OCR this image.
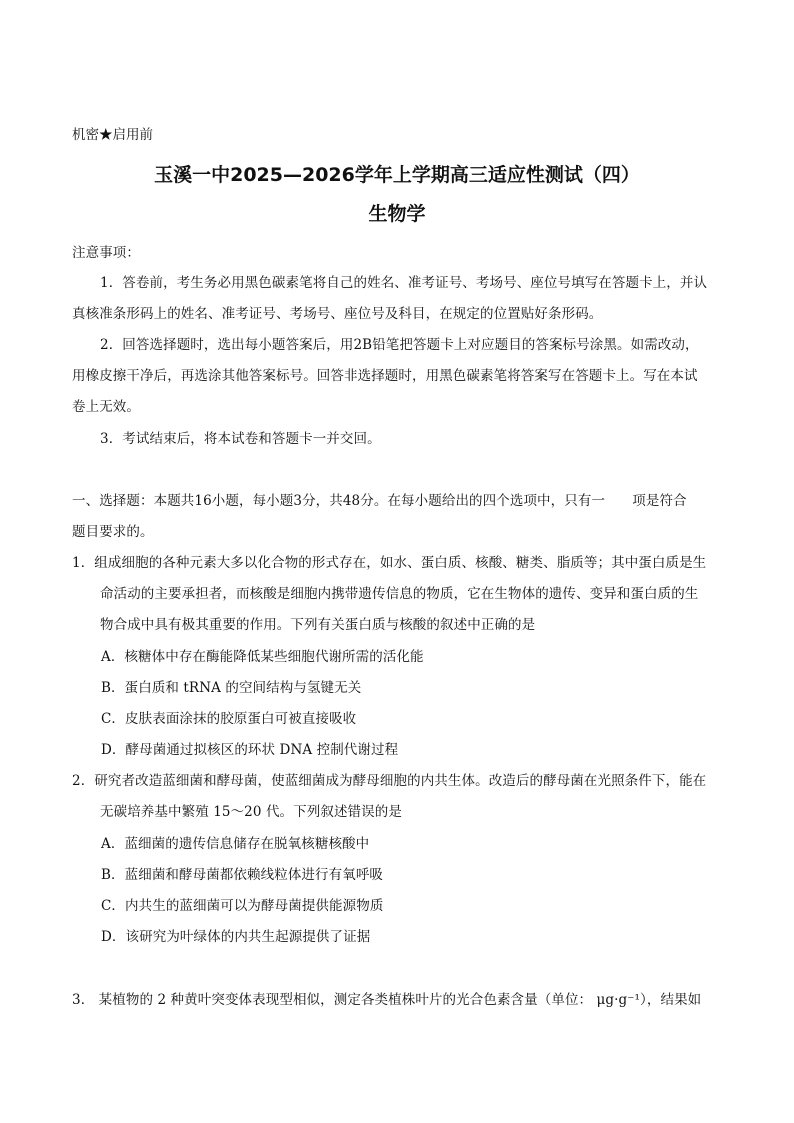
机密★启用前
玉溪一中2025—2026学年上学期高三适应性测试（四）
生物学
注意事项：
1．答卷前，考生务必用黑色碳素笔将自己的姓名、准考证号、考场号、座位号填写在答题卡上，并认
真核准条形码上的姓名、准考证号、考场号、座位号及科目，在规定的位置贴好条形码。
2．回答选择题时，选出每小题答案后，用2B铅笔把答题卡上对应题目的答案标号涂黑。如需改动，
用橡皮擦干净后，再选涂其他答案标号。回答非选择题时，用黑色碳素笔将答案写在答题卡上。写在本试
卷上无效。
3．考试结束后，将本试卷和答题卡一并交回。
一、选择题：本题共16小题，每小题3分，共48分。在每小题给出的四个选项中，只有一　　项是符合
题目要求的。
1．组成细胞的各种元素大多以化合物的形式存在，如水、蛋白质、核酸、糖类、脂质等；其中蛋白质是生
命活动的主要承担者，而核酸是细胞内携带遗传信息的物质，它在生物体的遗传、变异和蛋白质的生
物合成中具有极其重要的作用。下列有关蛋白质与核酸的叙述中正确的是
A．核糖体中存在酶能降低某些细胞代谢所需的活化能
B．蛋白质和 tRNA 的空间结构与氢键无关
C．皮肤表面涂抹的胶原蛋白可被直接吸收
D．酵母菌通过拟核区的环状 DNA 控制代谢过程
2．研究者改造蓝细菌和酵母菌，使蓝细菌成为酵母细胞的内共生体。改造后的酵母菌在光照条件下，能在
无碳培养基中繁殖 15～20 代。下列叙述错误的是
A．蓝细菌的遗传信息储存在脱氧核糖核酸中
B．蓝细菌和酵母菌都依赖线粒体进行有氧呼吸
C．内共生的蓝细菌可以为酵母菌提供能源物质
D．该研究为叶绿体的内共生起源提供了证据
3． 某植物的 2 种黄叶突变体表现型相似，测定各类植株叶片的光合色素含量（单位： μg·g⁻¹），结果如
